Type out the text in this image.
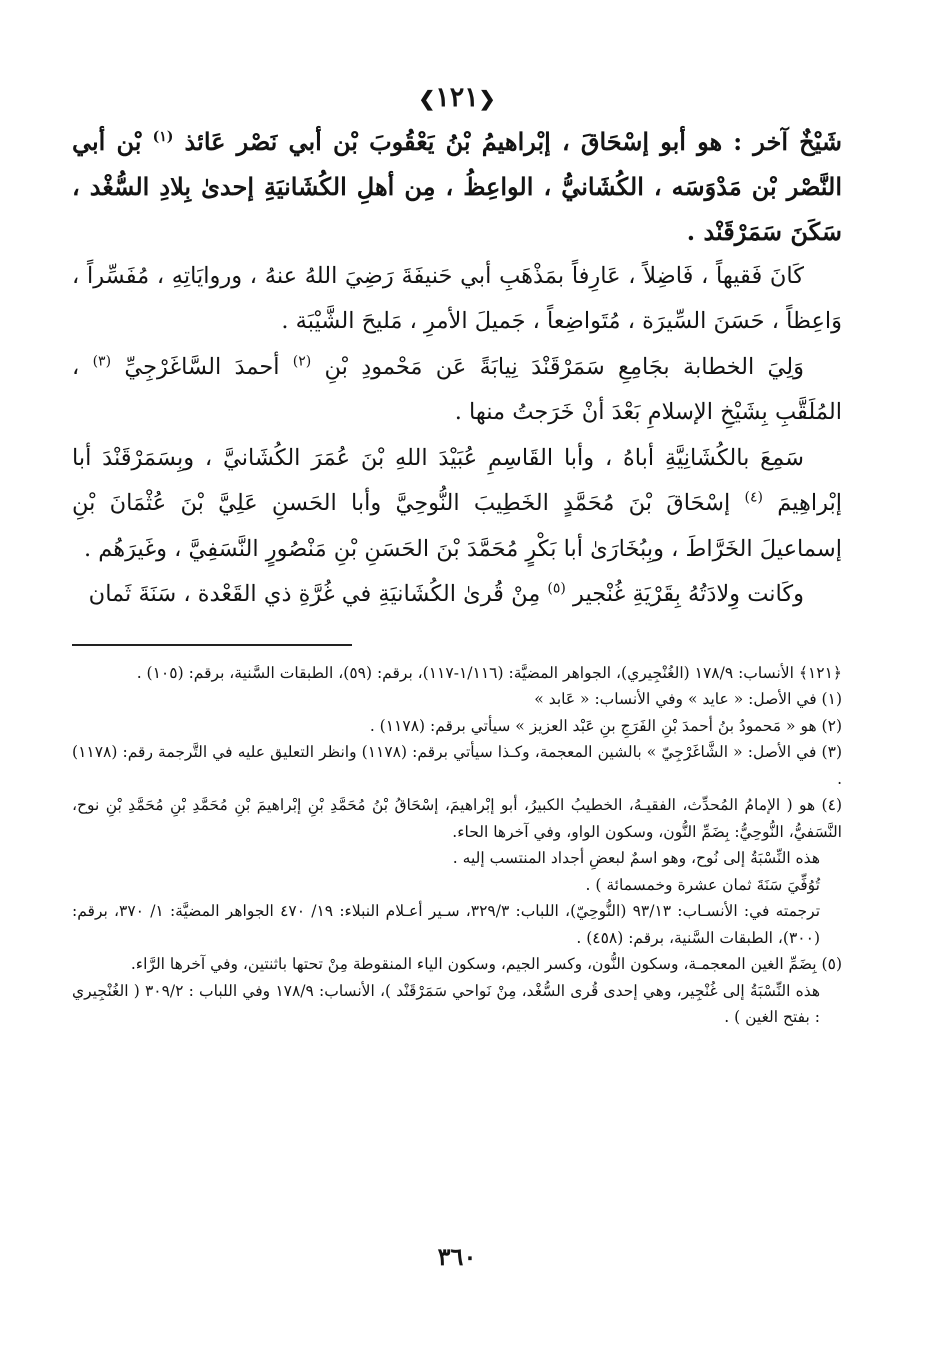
❮١٢١❯

شَيْخٌ آخر : هو أبو إسْحَاقَ ، إبْراهيمُ بْنُ يَعْقُوبَ بْن أبي نَصْر عَائذ $^{(١)}$ بْن أبي النَّصْر بْن مَدْوَسَه ، الكُشَانيُّ ، الواعِظُ ، مِن أهلِ الكُشَانيَةِ إحدىٰ بِلادِ السُّغْد ، سَكَنَ سَمَرْقَنْد .

كَانَ فَقيهاً ، فَاضِلاً ، عَارِفاً بمَذْهَبِ أبي حَنيفَةَ رَضِيَ اللهُ عنهُ ، وروايَاتِهِ ، مُفَسِّراً ، وَاعِظاً ، حَسَنَ السِّيرَة ، مُتَواضِعاً ، جَميلَ الأمرِ ، مَليحَ الشَّيْبَة .

وَلِيَ الخطابة بجَامِعِ سَمَرْقَنْدَ نِيابَةً عَن مَحْمودِ بْنِ $^{(٢)}$ أحمدَ السَّاغَرْجِيِّ $^{(٣)}$ ، المُلَقَّبِ بِشَيْخِ الإسلامِ بَعْدَ أنْ خَرَجتُ منها .

سَمِعَ بالكُشَانِيَّةِ أباهُ ، وأبا القَاسِمِ عُبَيْدَ اللهِ بْنَ عُمَرَ الكُشَانيَّ ، وبِسَمَرْقَنْدَ أبا إبْراهِيمَ $^{(٤)}$ إسْحَاقَ بْنَ مُحَمَّدٍ الخَطِيبَ النُّوحِيَّ وأبا الحَسنِ عَلِيَّ بْنَ عُثْمَانَ بْنِ إسماعيلَ الخَرَّاطَ ، وبِبُخَارَىٰ أبا بَكْرٍ مُحَمَّدَ بْنَ الحَسَنِ بْنِ مَنْصُورٍ النَّسَفِيَّ ، وغَيرَهُم .

وكَانت وِلادَتُهُ بِقَرْيَةِ غُنْجير $^{(٥)}$ مِنْ قُرىٰ الكُشَانيَةِ في غُرَّةِ ذي القَعْدة ، سَنَةَ ثَمان

﴿١٢١﴾ الأنساب: ١٧٨/٩ (الغُنْجِيري)، الجواهر المضيَّة: (١/١١٦-١١٧)، برقم: (٥٩)، الطبقات السَّنية، برقم: (١٠٥) .

(١) في الأصل: « عايد » وفي الأنساب: « عَابد »

(٢) هو « مَحمودُ بنُ أحمدَ بْنِ الفَرَجِ بنِ عَبْد العزيز » سيأتي برقم: (١١٧٨) .

(٣) في الأصل: « الشَّاغَرْجِيّ » بالشين المعجمة، وكـذا سيأتي برقم: (١١٧٨) وانظر التعليق عليه في التَّرجمة رقم: (١١٧٨) .

(٤) هو ( الإمامُ المُحدِّث، الفقيـهُ، الخطيبُ الكبيرُ، أبو إبْراهيمَ، إسْحَاقُ بْنُ مُحَمَّدِ بْنِ إبْراهيمَ بْنِ مُحَمَّدِ بْنِ مُحَمَّدِ بْنِ نوح، النَّسَفيُّ، النُّوحِيُّ: بِضَمِّ النُّون، وسكون الواو، وفي آخرها الحاء.

هذه النِّسْبَةُ إلى نُوح، وهو اسمٌ لبعضِ أجداد المنتسب إليه .

تُوُفِّيَ سَنَةَ ثمان عشرة وخمسمائة ) .

ترجمته في: الأنسـاب: ٩٣/١٣ (النُّوحِيّ)، اللباب: ٣٢٩/٣، سـير أعـلام النبلاء: ١٩/ ٤٧٠ الجواهر المضيَّة: ١/ ٣٧٠، برقم: (٣٠٠)، الطبقات السَّنية، برقم: (٤٥٨) .

(٥) بِضَمِّ الغين المعجمـة، وسكون النُّون، وكسر الجيم، وسكون الياء المنقوطة مِنْ تحتها باثنتين، وفي آخرها الرَّاء.

هذه النِّسْبَةُ إلى غُنْجِير، وهي إحدى قُرى السُّغْد، مِنْ نَواحي سَمَرْقَنْد )، الأنساب: ١٧٨/٩ وفي اللباب : ٣٠٩/٢ ( الغُنْجِيري : بفتح الغين ) .

٣٦٠
